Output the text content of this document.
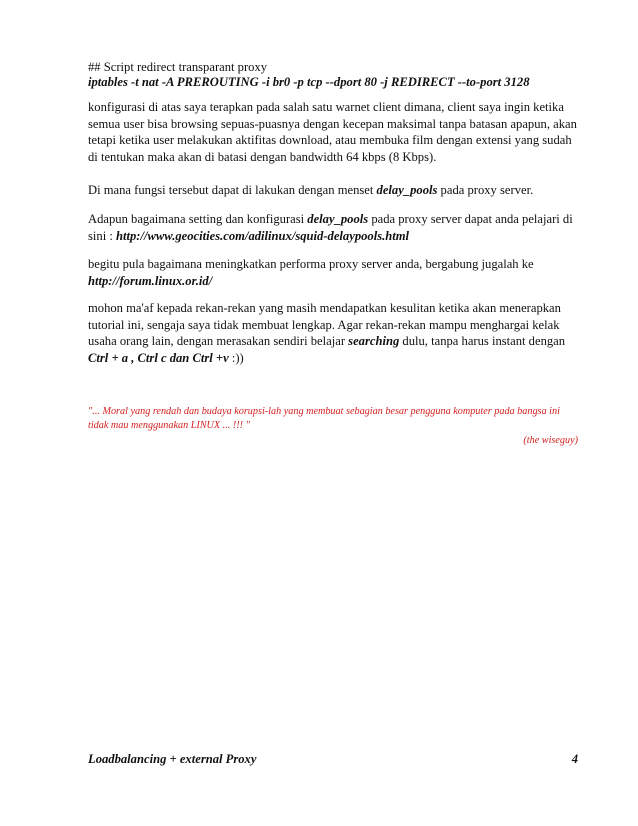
## Script redirect transparant proxy

iptables -t nat -A PREROUTING -i br0 -p tcp --dport 80 -j REDIRECT --to-port 3128

konfigurasi di atas saya terapkan pada salah satu warnet client dimana, client saya ingin ketika semua user bisa browsing sepuas-puasnya dengan kecepan maksimal tanpa batasan apapun, akan tetapi ketika user melakukan aktifitas download, atau membuka film dengan extensi yang sudah di tentukan maka akan di batasi dengan bandwidth 64 kbps (8 Kbps).

Di mana fungsi tersebut dapat di lakukan dengan menset delay_pools pada proxy server.

Adapun bagaimana setting dan konfigurasi delay_pools pada proxy server dapat anda pelajari di sini : http://www.geocities.com/adilinux/squid-delaypools.html

begitu pula bagaimana meningkatkan performa proxy server anda, bergabung jugalah ke http://forum.linux.or.id/

mohon ma'af kepada rekan-rekan yang masih mendapatkan kesulitan ketika akan menerapkan tutorial ini, sengaja saya tidak membuat lengkap. Agar rekan-rekan mampu menghargai kelak usaha orang lain, dengan merasakan sendiri belajar searching dulu, tanpa harus instant dengan Ctrl + a , Ctrl c dan Ctrl +v :))

"... Moral yang rendah dan budaya korupsi-lah yang membuat sebagian besar pengguna komputer pada bangsa ini tidak mau menggunakan LINUX ... !!! "

(the wiseguy)

Loadbalancing + external Proxy	4
